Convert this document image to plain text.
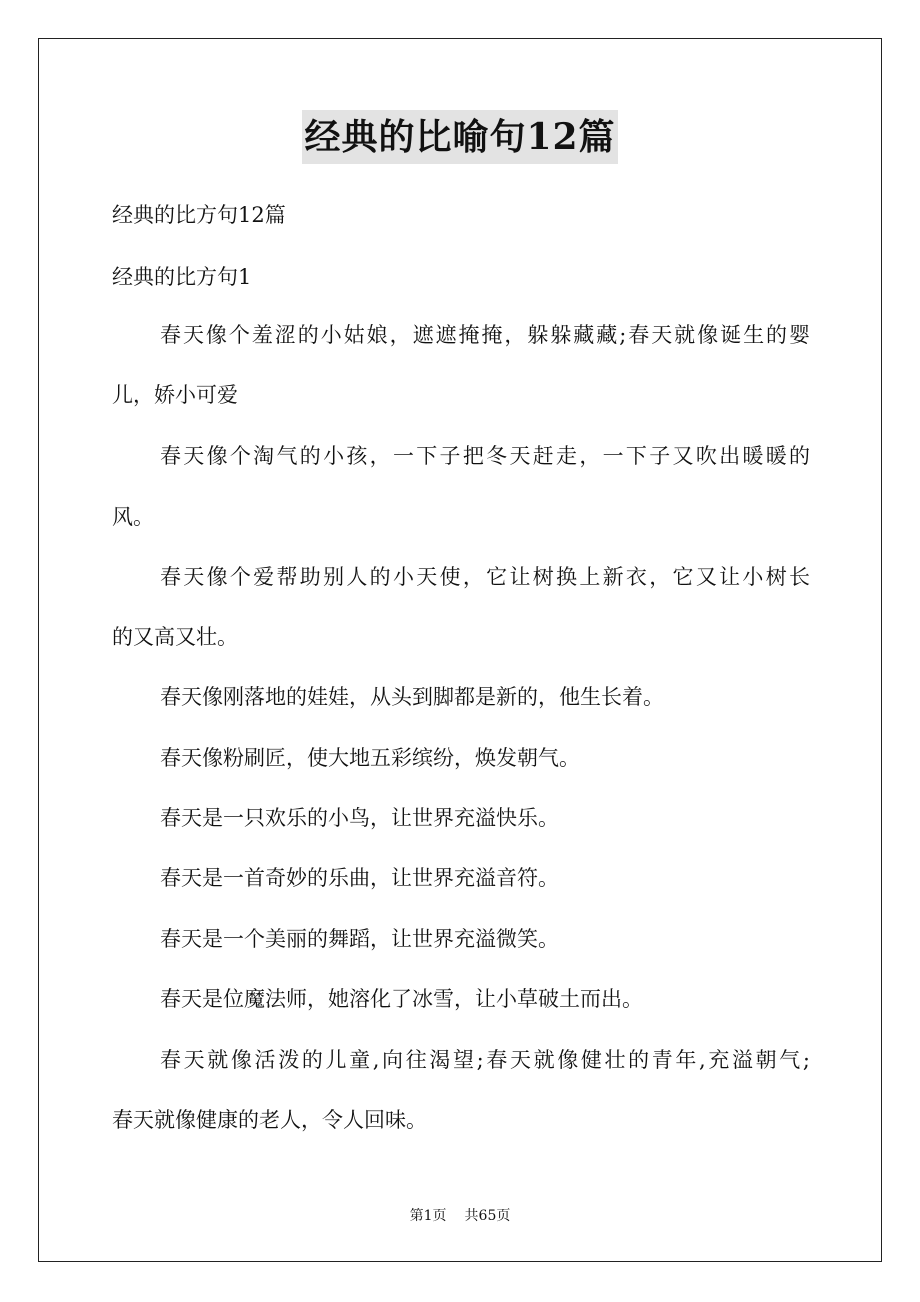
经典的比喻句12篇
经典的比方句12篇
经典的比方句1
春天像个羞涩的小姑娘，遮遮掩掩，躲躲藏藏;春天就像诞生的婴
儿，娇小可爱
春天像个淘气的小孩，一下子把冬天赶走，一下子又吹出暖暖的
风。
春天像个爱帮助别人的小天使，它让树换上新衣，它又让小树长
的又高又壮。
春天像刚落地的娃娃，从头到脚都是新的，他生长着。
春天像粉刷匠，使大地五彩缤纷，焕发朝气。
春天是一只欢乐的小鸟，让世界充溢快乐。
春天是一首奇妙的乐曲，让世界充溢音符。
春天是一个美丽的舞蹈，让世界充溢微笑。
春天是位魔法师，她溶化了冰雪，让小草破土而出。
春天就像活泼的儿童,向往渴望;春天就像健壮的青年,充溢朝气;
春天就像健康的老人，令人回味。
第1页 共65页
